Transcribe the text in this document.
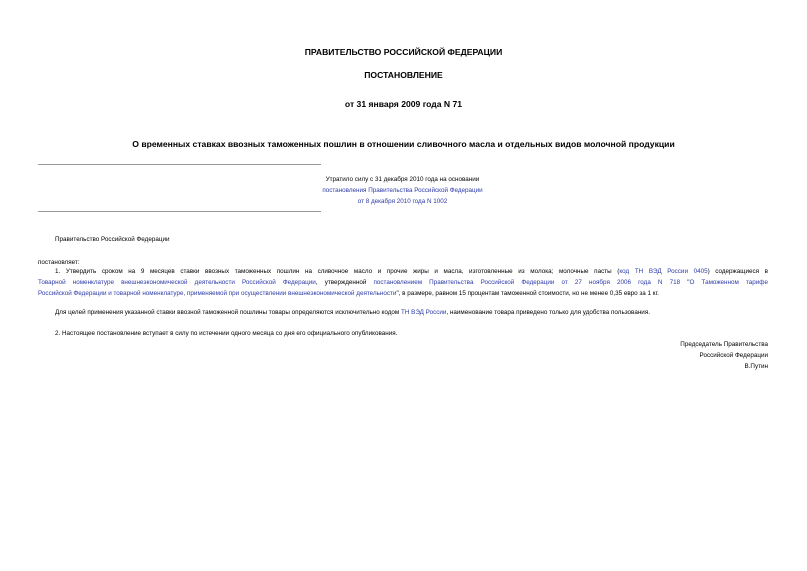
ПРАВИТЕЛЬСТВО РОССИЙСКОЙ ФЕДЕРАЦИИ
ПОСТАНОВЛЕНИЕ
от 31 января 2009 года N 71
О временных ставках ввозных таможенных пошлин в отношении сливочного масла и отдельных видов молочной продукции
Утратило силу с 31 декабря 2010 года на основании
постановления Правительства Российской Федерации
от 8 декабря 2010 года N 1002
Правительство Российской Федерации
постановляет:
1. Утвердить сроком на 9 месяцев ставки ввозных таможенных пошлин на сливочное масло и прочие жиры и масла, изготовленные из молока; молочные пасты (код ТН ВЭД России 0405) содержащиеся в
Товарной номенклатуре внешнеэкономической деятельности Российской Федерации, утвержденной постановлением Правительства Российской Федерации от 27 ноября 2006 года N 718 "О Таможенном тарифе
Российской Федерации и товарной номенклатуре, применяемой при осуществлении внешнеэкономической деятельности", в размере, равном 15 процентам таможенной стоимости, но не менее 0,35 евро за 1 кг.
Для целей применения указанной ставки ввозной таможенной пошлины товары определяются исключительно кодом ТН ВЭД России, наименование товара приведено только для удобства пользования.
2. Настоящее постановление вступает в силу по истечении одного месяца со дня его официального опубликования.
Председатель Правительства
Российской Федерации
В.Путин
